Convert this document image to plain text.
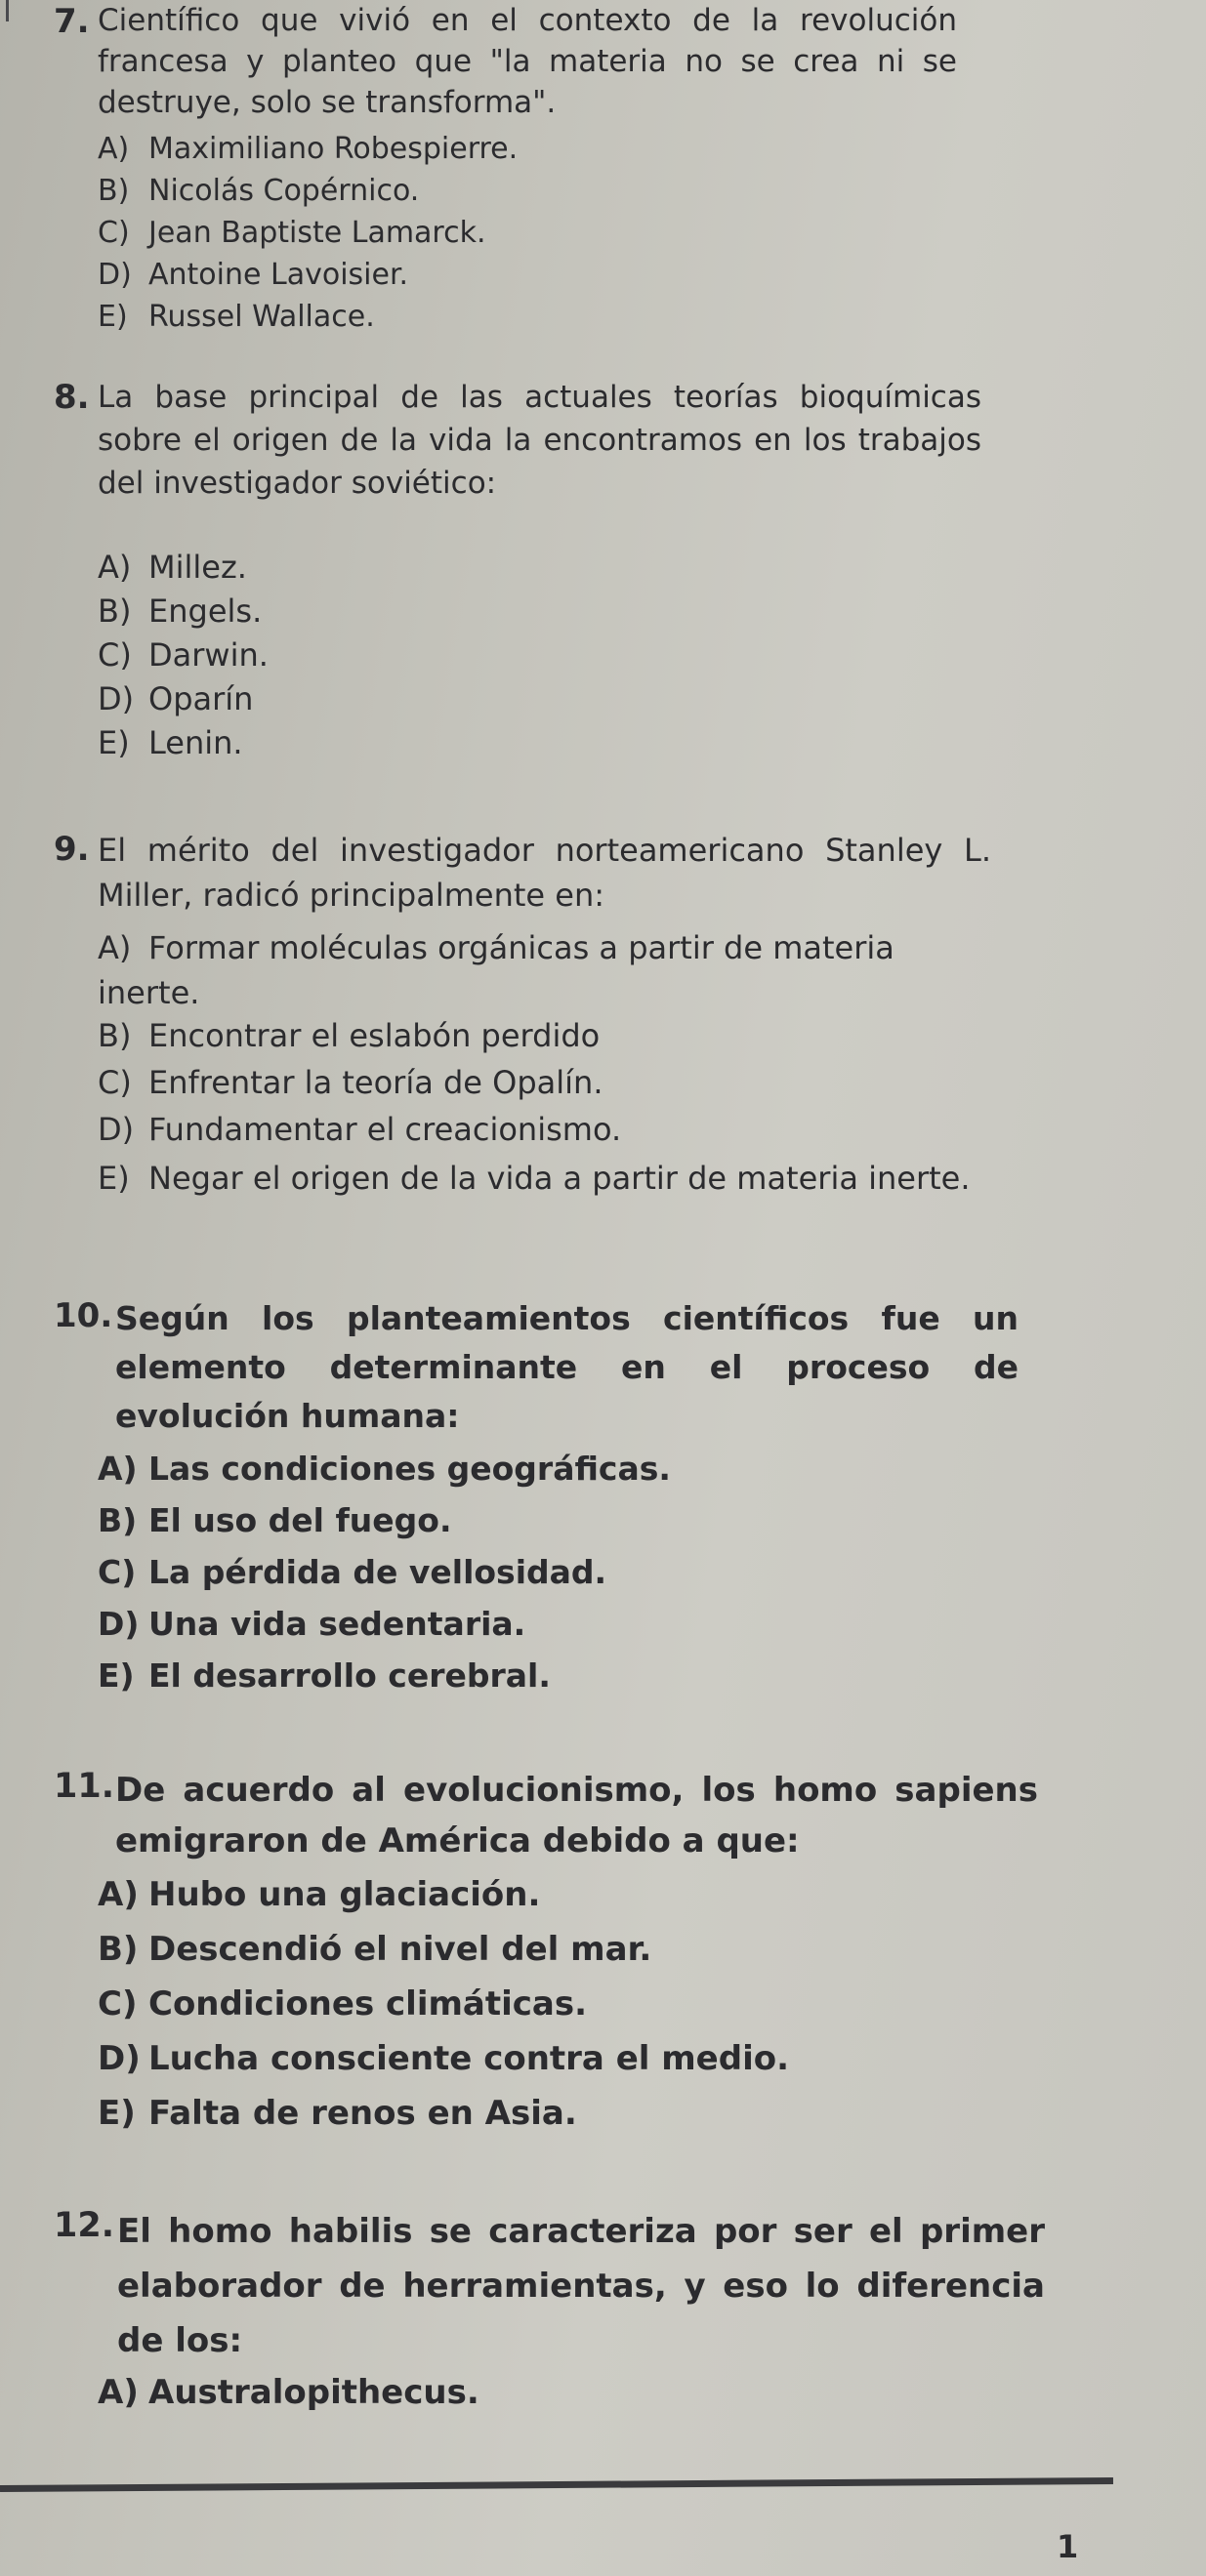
7. Científico que vivió en el contexto de la revolución francesa y planteo que "la materia no se crea ni se destruye, solo se transforma".
A) Maximiliano Robespierre.
B) Nicolás Copérnico.
C) Jean Baptiste Lamarck.
D) Antoine Lavoisier.
E) Russel Wallace.
8. La base principal de las actuales teorías bioquímicas sobre el origen de la vida la encontramos en los trabajos del investigador soviético:
A) Millez.
B) Engels.
C) Darwin.
D) Oparín
E) Lenin.
9. El mérito del investigador norteamericano Stanley L. Miller, radicó principalmente en:
A) Formar moléculas orgánicas a partir de materia inerte.
B) Encontrar el eslabón perdido
C) Enfrentar la teoría de Opalín.
D) Fundamentar el creacionismo.
E) Negar el origen de la vida a partir de materia inerte.
10. Según los planteamientos científicos fue un elemento determinante en el proceso de evolución humana:
A) Las condiciones geográficas.
B) El uso del fuego.
C) La pérdida de vellosidad.
D) Una vida sedentaria.
E) El desarrollo cerebral.
11. De acuerdo al evolucionismo, los homo sapiens emigraron de América debido a que:
A) Hubo una glaciación.
B) Descendió el nivel del mar.
C) Condiciones climáticas.
D) Lucha consciente contra el medio.
E) Falta de renos en Asia.
12. El homo habilis se caracteriza por ser el primer elaborador de herramientas, y eso lo diferencia de los:
A) Australopithecus.
1
